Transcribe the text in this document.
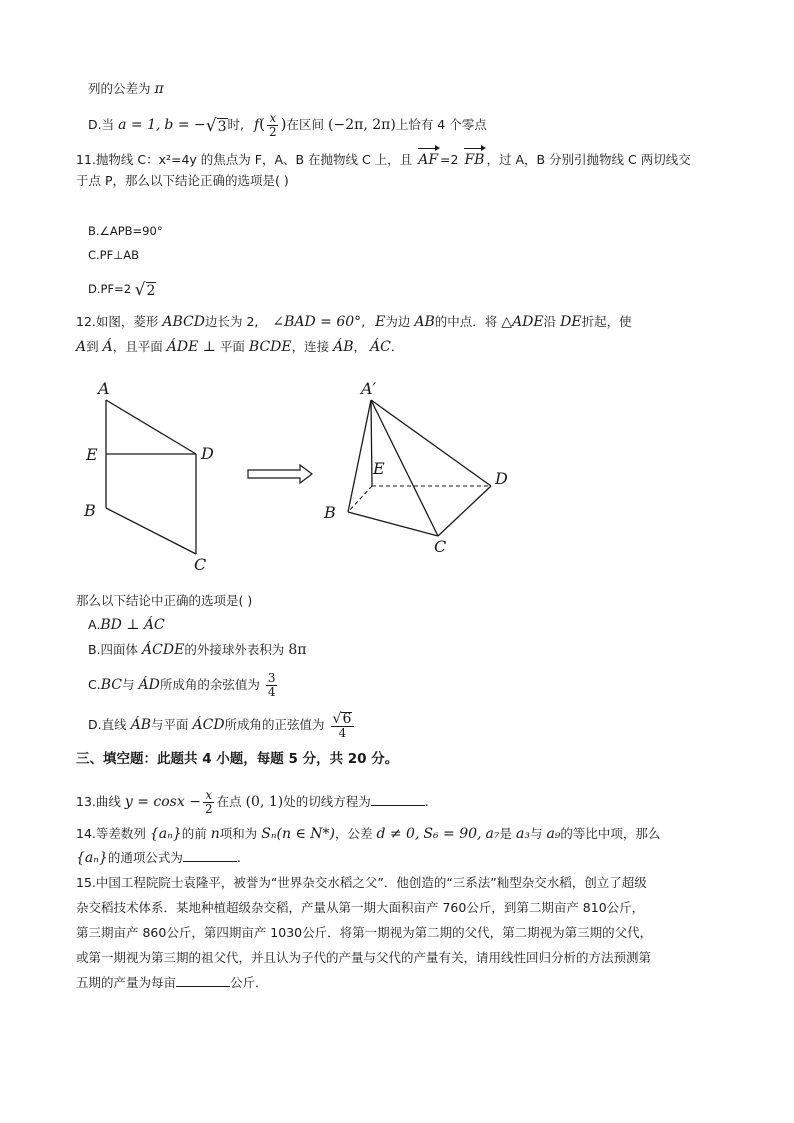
列的公差为 π
D.当 a = 1, b = − √ 3 时, $f( \frac{x}{2}$ )在区间 (−2π, 2π)上恰有 4 个零点
11.抛物线 C：x²=4y 的焦点为 F，A、B 在抛物线 C 上，且 AF =2 FB ，过 A，B 分别引抛物线 C 两切线交
于点 P，那么以下结论正确的选项是( )
B.∠APB=90°
C.PF⊥AB
D.PF=2 √ 2
12.如图，菱形 ABCD边长为 2, ∠BAD = 60°, E为边 AB的中点．将 △ADE沿 DE折起，使
A到 Á，且平面 ÁDE ⊥ 平面 BCDE，连接 ÁB， ÁC．
A
E	D
B
C
A′
E
D
B
C
那么以下结论中正确的选项是( )
A.BD ⊥ ÁC
B.四面体 ÁCDE的外接球外表积为 8π
C.BC与 ÁD所成角的余弦值为 $\frac{3}{4}$
D.直线 ÁB与平面 ÁCD所成角的正弦值为 $\frac{√ 6}{4}$
三、填空题：此题共 4 小题，每题 5 分，共 20 分。
13.曲线 $y = \cos x - \frac{x}{2}$ 在点 (0, 1)处的切线方程为	.
14.等差数列 {aₙ}的前 n项和为 Sₙ(n ∈ N*)，公差 d ≠ 0, S₆ = 90, a₇是 a₃与 a₉的等比中项，那么
{aₙ}的通项公式为	.
15.中国工程院院士袁隆平，被誉为“世界杂交水稻之父”．他创造的“三系法”籼型杂交水稻，创立了超级
杂交稻技术体系．某地种植超级杂交稻，产量从第一期大面积亩产 760公斤，到第二期亩产 810公斤，
第三期亩产 860公斤，第四期亩产 1030公斤．将第一期视为第二期的父代，第二期视为第三期的父代，
或第一期视为第三期的祖父代，并且认为子代的产量与父代的产量有关，请用线性回归分析的方法预测第
五期的产量为每亩	公斤．
